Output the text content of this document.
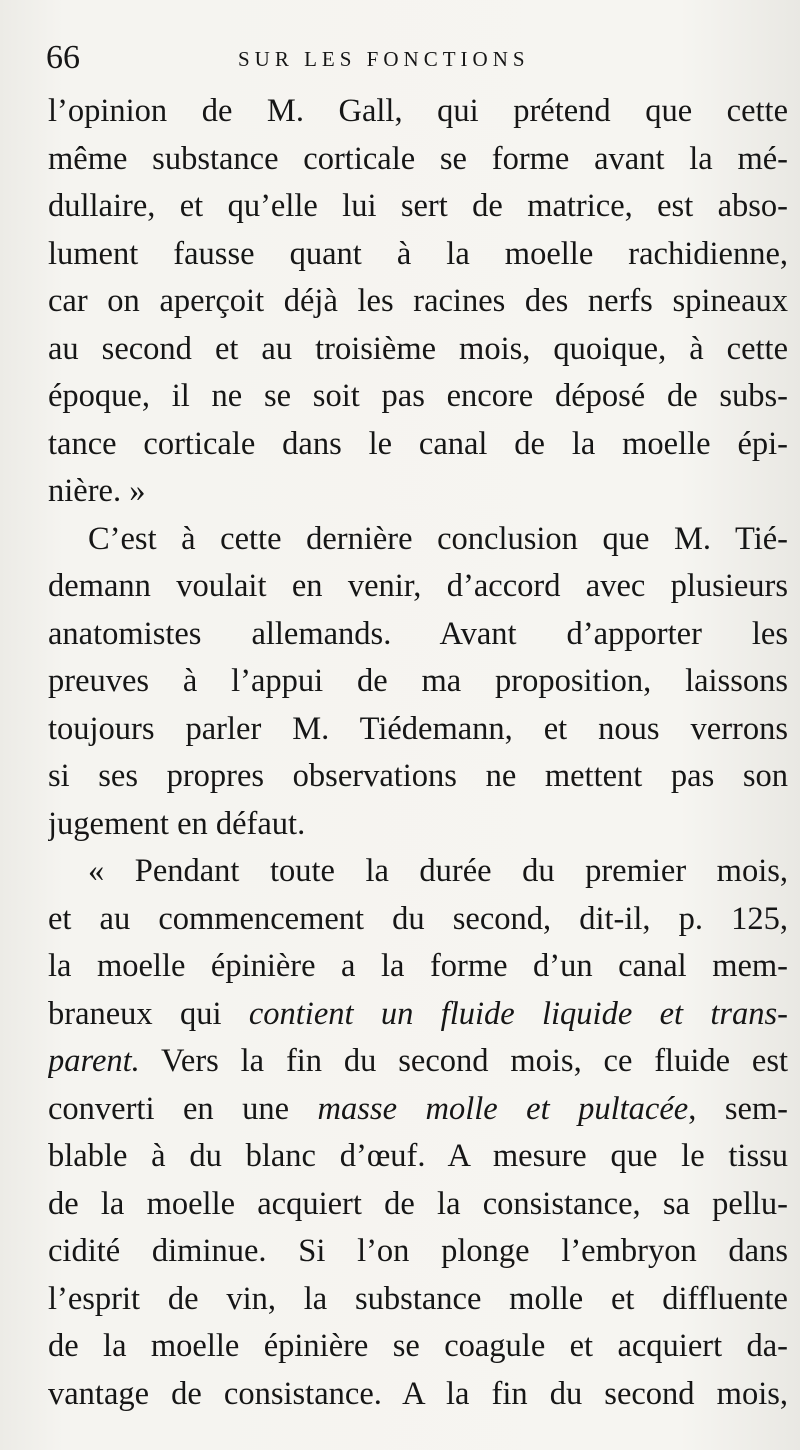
66	SUR LES FONCTIONS
l’opinion de M. Gall, qui prétend que cette
même substance corticale se forme avant la mé-
dullaire, et qu’elle lui sert de matrice, est abso-
lument fausse quant à la moelle rachidienne,
car on aperçoit déjà les racines des nerfs spineaux
au second et au troisième mois, quoique, à cette
époque, il ne se soit pas encore déposé de subs-
tance corticale dans le canal de la moelle épi-
nière. »
C’est à cette dernière conclusion que M. Tié-
demann voulait en venir, d’accord avec plusieurs
anatomistes allemands. Avant d’apporter les
preuves à l’appui de ma proposition, laissons
toujours parler M. Tiédemann, et nous verrons
si ses propres observations ne mettent pas son
jugement en défaut.
« Pendant toute la durée du premier mois,
et au commencement du second, dit-il, p. 125,
la moelle épinière a la forme d’un canal mem-
braneux qui contient un fluide liquide et trans-
parent. Vers la fin du second mois, ce fluide est
converti en une masse molle et pultacée, sem-
blable à du blanc d’œuf. A mesure que le tissu
de la moelle acquiert de la consistance, sa pellu-
cidité diminue. Si l’on plonge l’embryon dans
l’esprit de vin, la substance molle et diffluente
de la moelle épinière se coagule et acquiert da-
vantage de consistance. A la fin du second mois,
